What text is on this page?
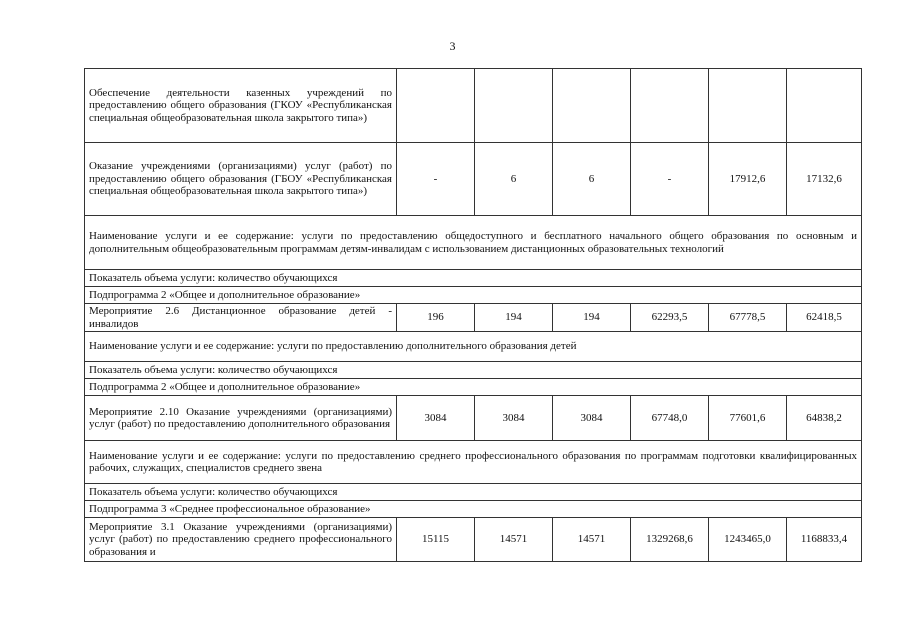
3
Обеспечение деятельности казенных учреждений по предоставлению общего образования (ГКОУ «Республиканская специальная общеобразовательная школа закрытого типа»)						
Оказание учреждениями (организациями) услуг (работ) по предоставлению общего образования (ГБОУ «Республиканская специальная общеобразовательная школа закрытого типа»)	-	6	6	-	17912,6	17132,6
Наименование услуги и ее содержание: услуги по предоставлению общедоступного и бесплатного начального общего образования по основным и дополнительным общеобразовательным программам детям-инвалидам с использованием дистанционных образовательных технологий						
Показатель объема услуги: количество обучающихся						
Подпрограмма 2 «Общее и дополнительное образование»						
Мероприятие 2.6 Дистанционное образование детей - инвалидов	196	194	194	62293,5	67778,5	62418,5
Наименование услуги и ее содержание: услуги по предоставлению дополнительного образования детей						
Показатель объема услуги: количество обучающихся						
Подпрограмма 2 «Общее и дополнительное образование»						
Мероприятие 2.10 Оказание учреждениями (организациями) услуг (работ) по предоставлению дополнительного образования	3084	3084	3084	67748,0	77601,6	64838,2
Наименование услуги и ее содержание: услуги по предоставлению среднего профессионального образования по программам подготовки квалифицированных рабочих, служащих, специалистов среднего звена						
Показатель объема услуги: количество обучающихся						
Подпрограмма 3 «Среднее профессиональное образование»						
Мероприятие 3.1 Оказание учреждениями (организациями) услуг (работ) по предоставлению среднего профессионального образования и	15115	14571	14571	1329268,6	1243465,0	1168833,4
